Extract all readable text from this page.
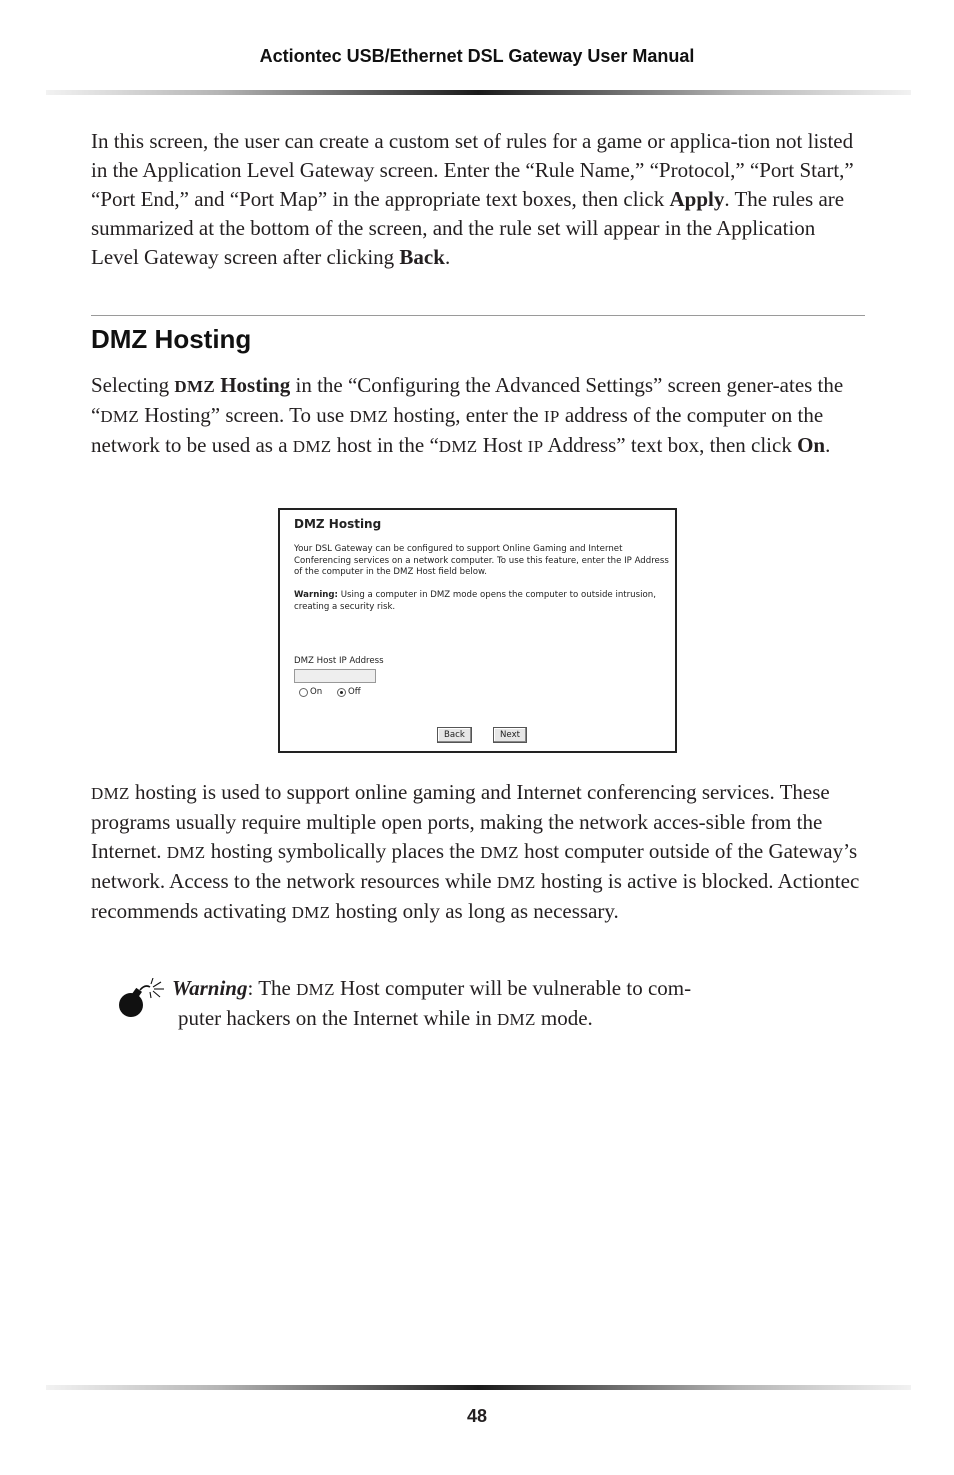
Actiontec USB/Ethernet DSL Gateway User Manual

In this screen, the user can create a custom set of rules for a game or applica-tion not listed in the Application Level Gateway screen. Enter the “Rule Name,” “Protocol,” “Port Start,” “Port End,” and “Port Map” in the appropriate text boxes, then click Apply. The rules are summarized at the bottom of the screen, and the rule set will appear in the Application Level Gateway screen after clicking Back.

DMZ Hosting

Selecting DMZ Hosting in the “Configuring the Advanced Settings” screen gener-ates the “DMZ Hosting” screen. To use DMZ hosting, enter the IP address of the computer on the network to be used as a DMZ host in the “DMZ Host IP Address” text box, then click On.

DMZ Hosting
Your DSL Gateway can be configured to support Online Gaming and Internet Conferencing services on a network computer. To use this feature, enter the IP Address of the computer in the DMZ Host field below.
Warning: Using a computer in DMZ mode opens the computer to outside intrusion, creating a security risk.
DMZ Host IP Address
On	Off
Back	Next

DMZ hosting is used to support online gaming and Internet conferencing services. These programs usually require multiple open ports, making the network acces-sible from the Internet. DMZ hosting symbolically places the DMZ host computer outside of the Gateway’s network. Access to the network resources while DMZ hosting is active is blocked. Actiontec recommends activating DMZ hosting only as long as necessary.

Warning: The DMZ Host computer will be vulnerable to com-
puter hackers on the Internet while in DMZ mode.

48
